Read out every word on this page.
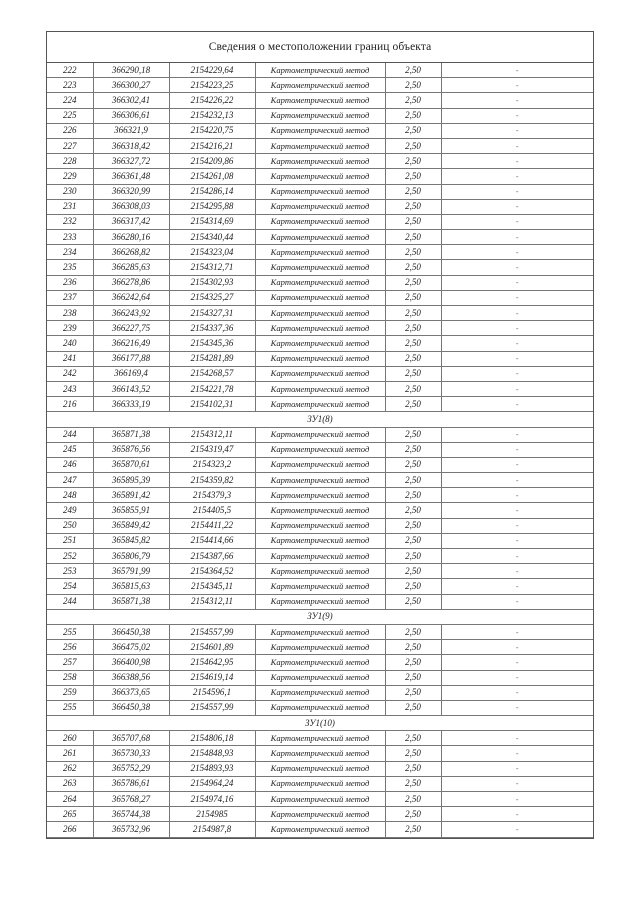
Сведения о местоположении границ объекта
222	366290,18	2154229,64	Картометрический метод	2,50	-
223	366300,27	2154223,25	Картометрический метод	2,50	-
224	366302,41	2154226,22	Картометрический метод	2,50	-
225	366306,61	2154232,13	Картометрический метод	2,50	-
226	366321,9	2154220,75	Картометрический метод	2,50	-
227	366318,42	2154216,21	Картометрический метод	2,50	-
228	366327,72	2154209,86	Картометрический метод	2,50	-
229	366361,48	2154261,08	Картометрический метод	2,50	-
230	366320,99	2154286,14	Картометрический метод	2,50	-
231	366308,03	2154295,88	Картометрический метод	2,50	-
232	366317,42	2154314,69	Картометрический метод	2,50	-
233	366280,16	2154340,44	Картометрический метод	2,50	-
234	366268,82	2154323,04	Картометрический метод	2,50	-
235	366285,63	2154312,71	Картометрический метод	2,50	-
236	366278,86	2154302,93	Картометрический метод	2,50	-
237	366242,64	2154325,27	Картометрический метод	2,50	-
238	366243,92	2154327,31	Картометрический метод	2,50	-
239	366227,75	2154337,36	Картометрический метод	2,50	-
240	366216,49	2154345,36	Картометрический метод	2,50	-
241	366177,88	2154281,89	Картометрический метод	2,50	-
242	366169,4	2154268,57	Картометрический метод	2,50	-
243	366143,52	2154221,78	Картометрический метод	2,50	-
216	366333,19	2154102,31	Картометрический метод	2,50	-
ЗУ1(8)					
244	365871,38	2154312,11	Картометрический метод	2,50	-
245	365876,56	2154319,47	Картометрический метод	2,50	-
246	365870,61	2154323,2	Картометрический метод	2,50	-
247	365895,39	2154359,82	Картометрический метод	2,50	-
248	365891,42	2154379,3	Картометрический метод	2,50	-
249	365855,91	2154405,5	Картометрический метод	2,50	-
250	365849,42	2154411,22	Картометрический метод	2,50	-
251	365845,82	2154414,66	Картометрический метод	2,50	-
252	365806,79	2154387,66	Картометрический метод	2,50	-
253	365791,99	2154364,52	Картометрический метод	2,50	-
254	365815,63	2154345,11	Картометрический метод	2,50	-
244	365871,38	2154312,11	Картометрический метод	2,50	-
ЗУ1(9)					
255	366450,38	2154557,99	Картометрический метод	2,50	-
256	366475,02	2154601,89	Картометрический метод	2,50	-
257	366400,98	2154642,95	Картометрический метод	2,50	-
258	366388,56	2154619,14	Картометрический метод	2,50	-
259	366373,65	2154596,1	Картометрический метод	2,50	-
255	366450,38	2154557,99	Картометрический метод	2,50	-
ЗУ1(10)					
260	365707,68	2154806,18	Картометрический метод	2,50	-
261	365730,33	2154848,93	Картометрический метод	2,50	-
262	365752,29	2154893,93	Картометрический метод	2,50	-
263	365786,61	2154964,24	Картометрический метод	2,50	-
264	365768,27	2154974,16	Картометрический метод	2,50	-
265	365744,38	2154985	Картометрический метод	2,50	-
266	365732,96	2154987,8	Картометрический метод	2,50	-
